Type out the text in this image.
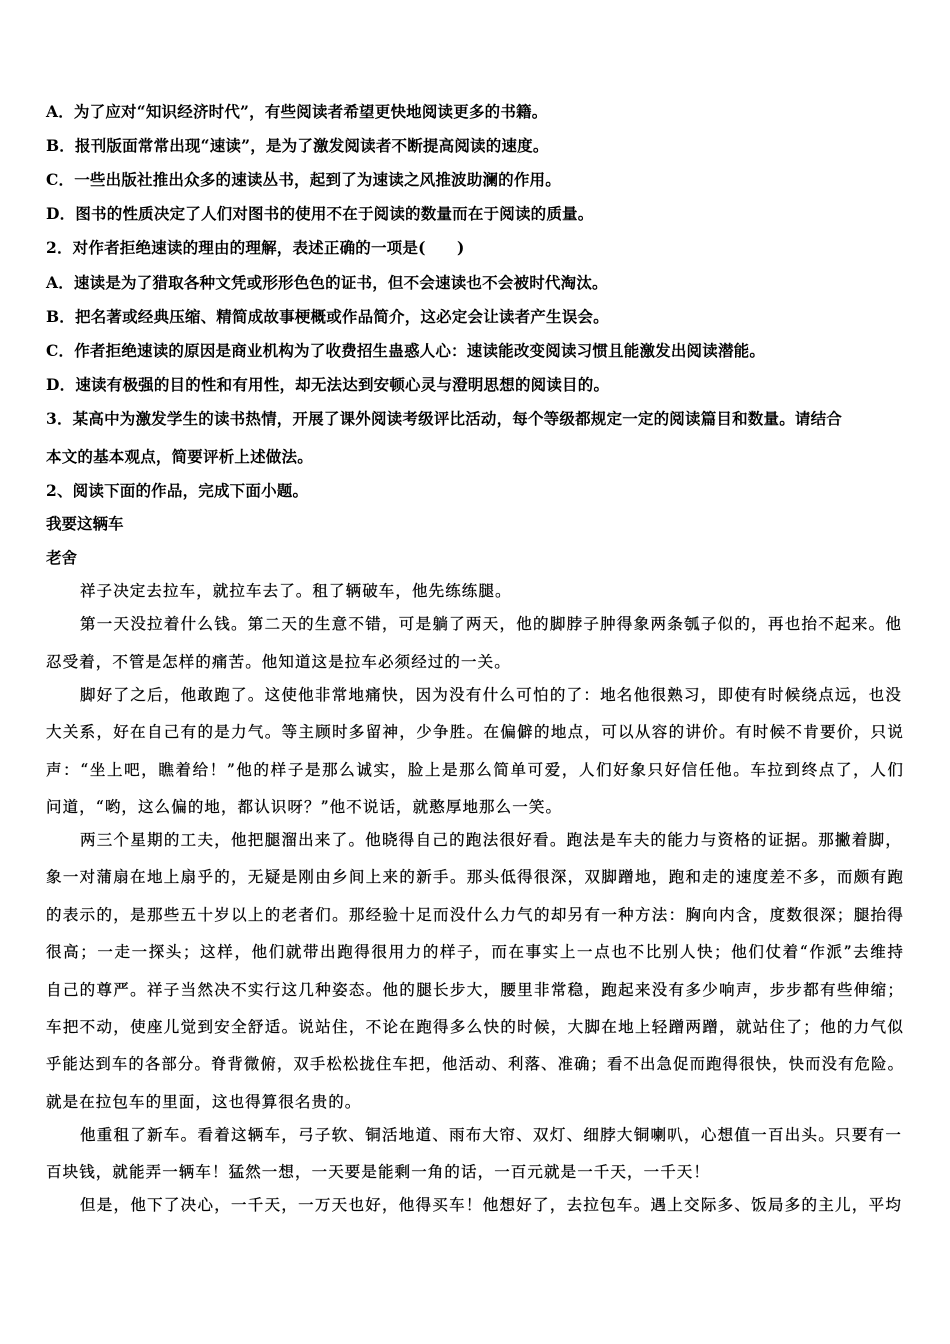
A．为了应对“知识经济时代”，有些阅读者希望更快地阅读更多的书籍。
B．报刊版面常常出现“速读”，是为了激发阅读者不断提高阅读的速度。
C．一些出版社推出众多的速读丛书，起到了为速读之风推波助澜的作用。
D．图书的性质决定了人们对图书的使用不在于阅读的数量而在于阅读的质量。
2．对作者拒绝速读的理由的理解，表述正确的一项是(　　)
A．速读是为了猎取各种文凭或形形色色的证书，但不会速读也不会被时代淘汰。
B．把名著或经典压缩、精简成故事梗概或作品简介，这必定会让读者产生误会。
C．作者拒绝速读的原因是商业机构为了收费招生蛊惑人心：速读能改变阅读习惯且能激发出阅读潜能。
D．速读有极强的目的性和有用性，却无法达到安顿心灵与澄明思想的阅读目的。
3．某高中为激发学生的读书热情，开展了课外阅读考级评比活动，每个等级都规定一定的阅读篇目和数量。请结合
本文的基本观点，简要评析上述做法。
2、阅读下面的作品，完成下面小题。
我要这辆车
老舍
祥子决定去拉车，就拉车去了。租了辆破车，他先练练腿。
第一天没拉着什么钱。第二天的生意不错，可是躺了两天，他的脚脖子肿得象两条瓠子似的，再也抬不起来。他
忍受着，不管是怎样的痛苦。他知道这是拉车必须经过的一关。
脚好了之后，他敢跑了。这使他非常地痛快，因为没有什么可怕的了：地名他很熟习，即使有时候绕点远，也没
大关系，好在自己有的是力气。等主顾时多留神，少争胜。在偏僻的地点，可以从容的讲价。有时候不肯要价，只说
声：“坐上吧，瞧着给！”他的样子是那么诚实，脸上是那么简单可爱，人们好象只好信任他。车拉到终点了，人们
问道，“哟，这么偏的地，都认识呀？”他不说话，就憨厚地那么一笑。
两三个星期的工夫，他把腿溜出来了。他晓得自己的跑法很好看。跑法是车夫的能力与资格的证据。那撇着脚，
象一对蒲扇在地上扇乎的，无疑是刚由乡间上来的新手。那头低得很深，双脚蹭地，跑和走的速度差不多，而颇有跑
的表示的，是那些五十岁以上的老者们。那经验十足而没什么力气的却另有一种方法：胸向内含，度数很深；腿抬得
很高；一走一探头；这样，他们就带出跑得很用力的样子，而在事实上一点也不比别人快；他们仗着“作派”去维持
自己的尊严。祥子当然决不实行这几种姿态。他的腿长步大，腰里非常稳，跑起来没有多少响声，步步都有些伸缩；
车把不动，使座儿觉到安全舒适。说站住，不论在跑得多么快的时候，大脚在地上轻蹭两蹭，就站住了；他的力气似
乎能达到车的各部分。脊背微俯，双手松松拢住车把，他活动、利落、准确；看不出急促而跑得很快，快而没有危险。
就是在拉包车的里面，这也得算很名贵的。
他重租了新车。看着这辆车，弓子软、铜活地道、雨布大帘、双灯、细脖大铜喇叭，心想值一百出头。只要有一
百块钱，就能弄一辆车！猛然一想，一天要是能剩一角的话，一百元就是一千天，一千天！
但是，他下了决心，一千天，一万天也好，他得买车！他想好了，去拉包车。遇上交际多、饭局多的主儿，平均
